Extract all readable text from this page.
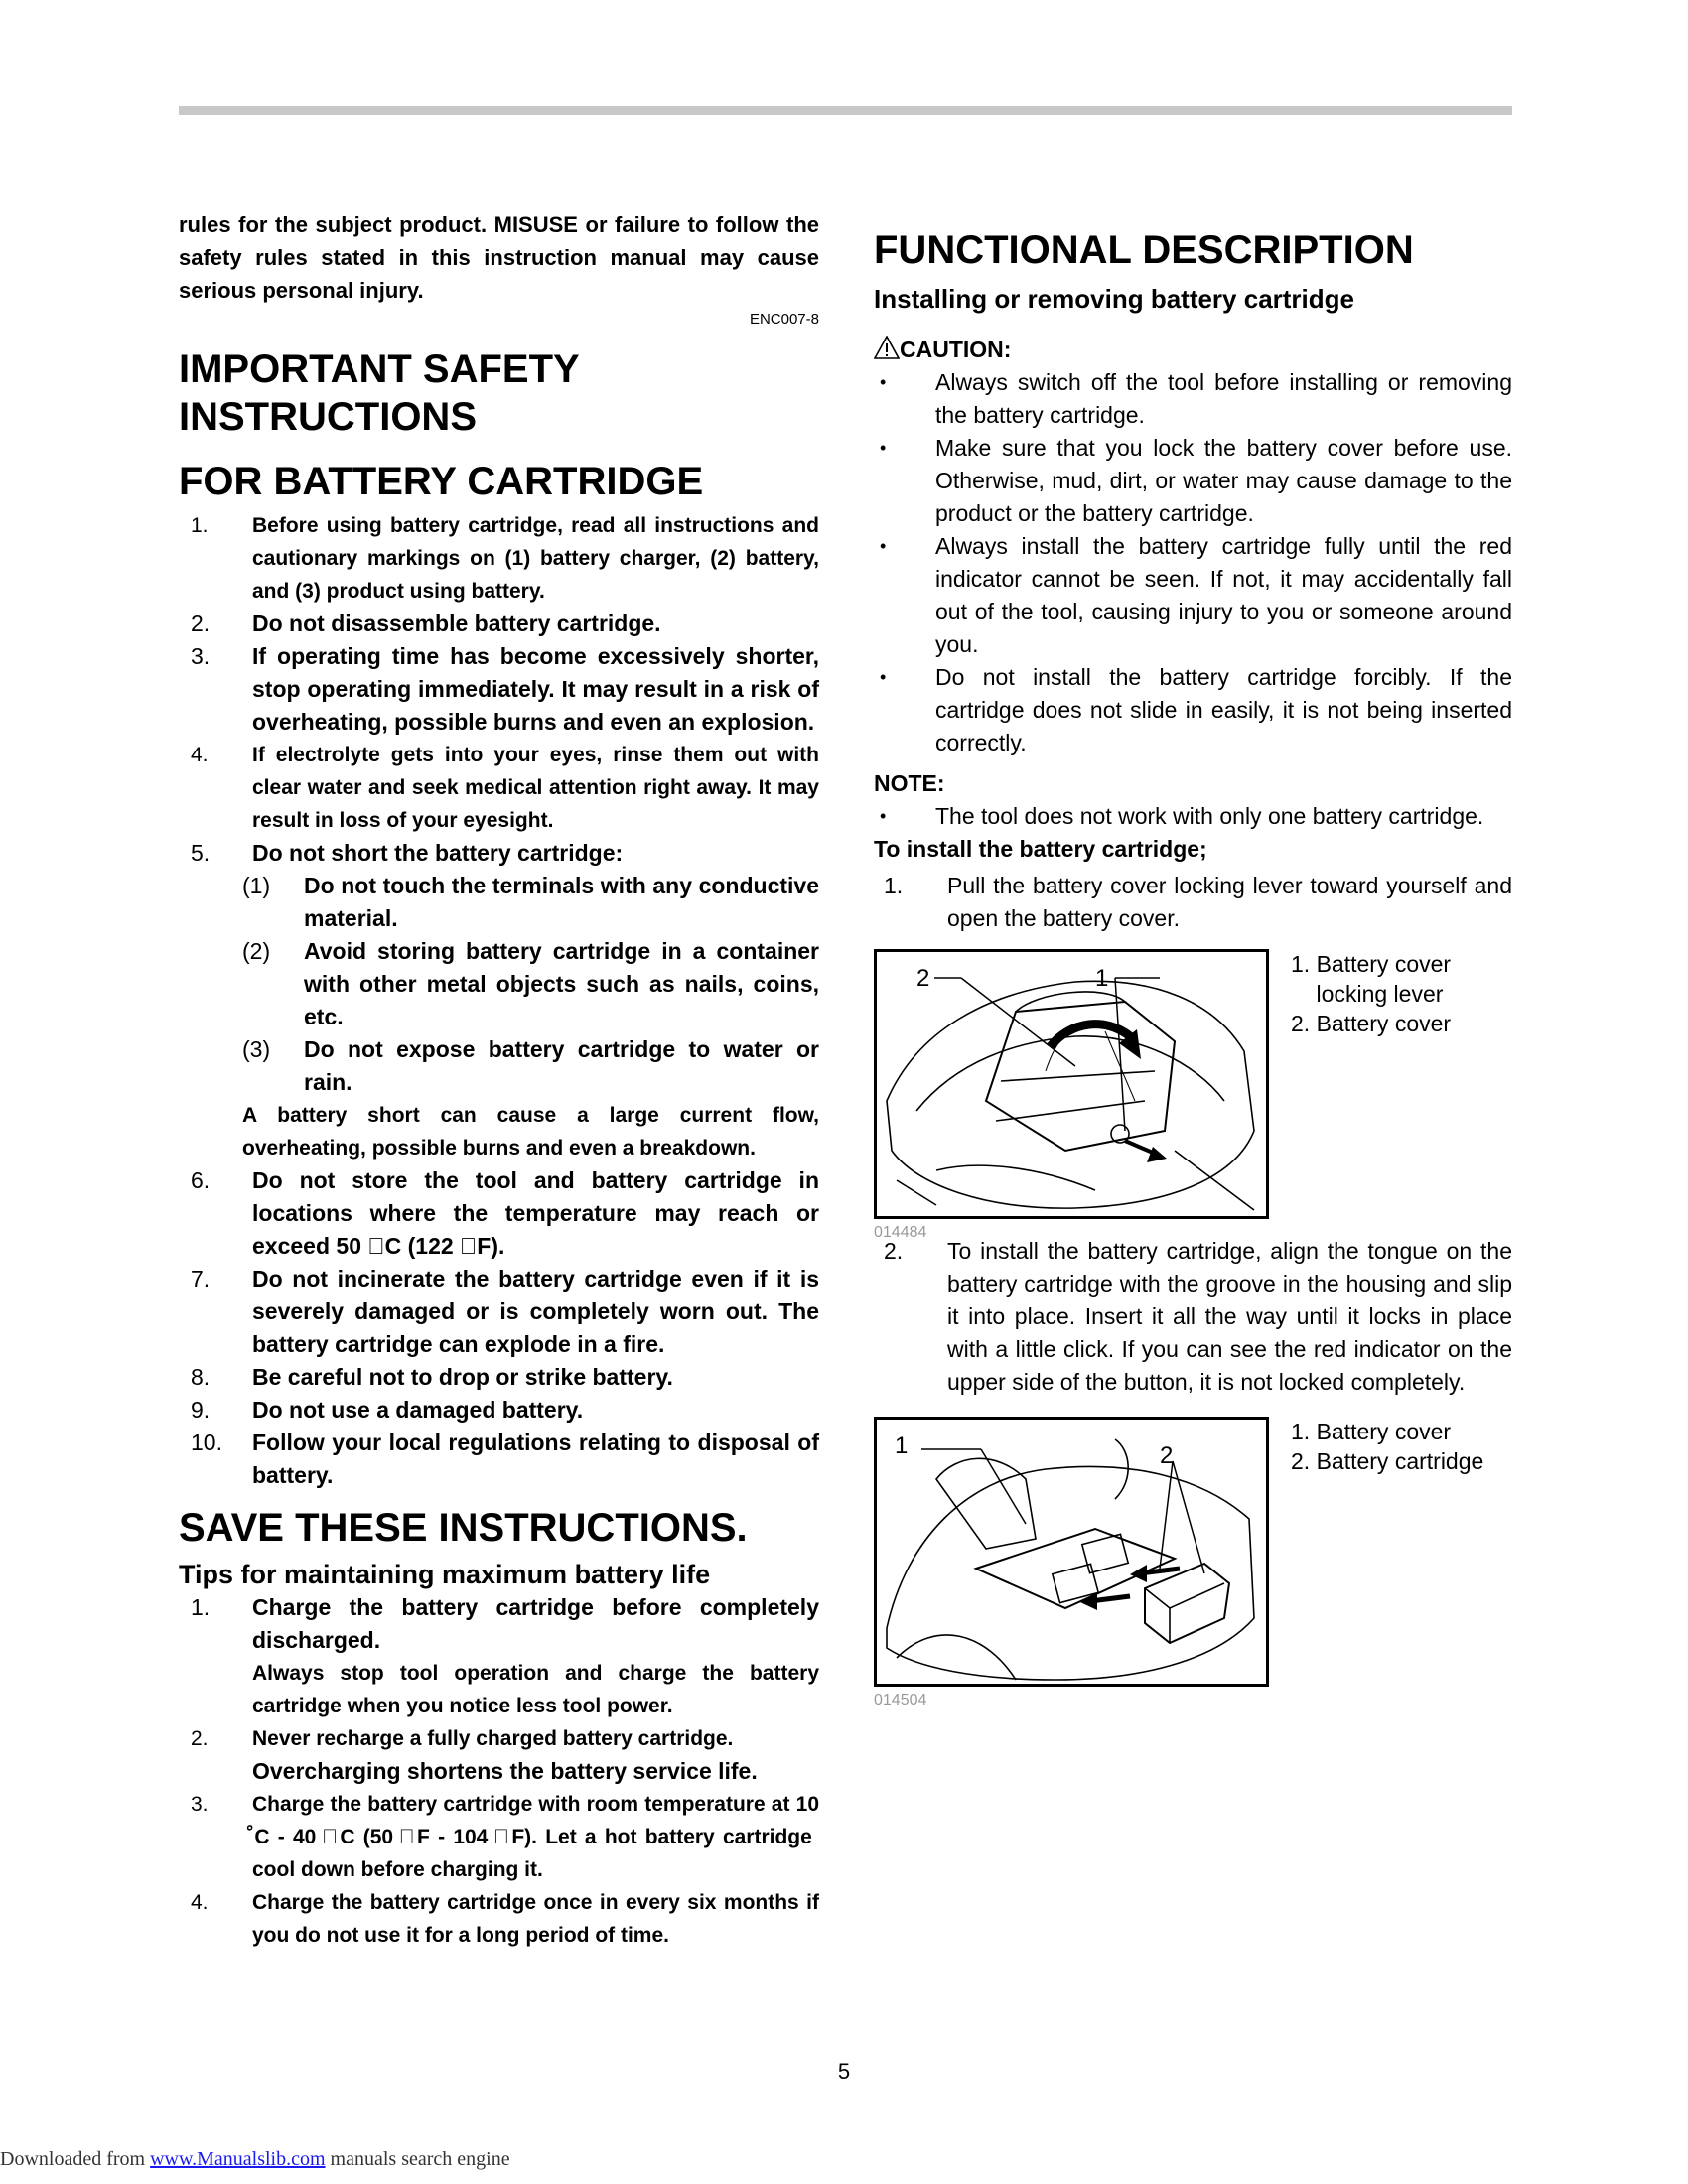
rules for the subject product. MISUSE or failure to follow the safety rules stated in this instruction manual may cause serious personal injury.

ENC007-8
IMPORTANT SAFETY
INSTRUCTIONS
FOR BATTERY CARTRIDGE
1. Before using battery cartridge, read all instructions and cautionary markings on (1) battery charger, (2) battery, and (3) product using battery.
2. Do not disassemble battery cartridge.
3. If operating time has become excessively shorter, stop operating immediately. It may result in a risk of overheating, possible burns and even an explosion.
4. If electrolyte gets into your eyes, rinse them out with clear water and seek medical attention right away. It may result in loss of your eyesight.
5. Do not short the battery cartridge:
(1) Do not touch the terminals with any conductive material.
(2) Avoid storing battery cartridge in a container with other metal objects such as nails, coins, etc.
(3) Do not expose battery cartridge to water or rain.
A battery short can cause a large current flow, overheating, possible burns and even a breakdown.
6. Do not store the tool and battery cartridge in locations where the temperature may reach or exceed 50 ゚C (122 ゚F).
7. Do not incinerate the battery cartridge even if it is severely damaged or is completely worn out. The battery cartridge can explode in a fire.
8. Be careful not to drop or strike battery.
9. Do not use a damaged battery.
10. Follow your local regulations relating to disposal of battery.
SAVE THESE INSTRUCTIONS.
Tips for maintaining maximum battery life
1. Charge the battery cartridge before completely discharged.
Always stop tool operation and charge the battery cartridge when you notice less tool power.
2. Never recharge a fully charged battery cartridge.
Overcharging shortens the battery service life.
3. Charge the battery cartridge with room temperature at 10 ゚C - 40 ゚C (50 ゚F - 104 ゚F). Let a hot battery cartridge cool down before charging it.
4. Charge the battery cartridge once in every six months if you do not use it for a long period of time.
FUNCTIONAL DESCRIPTION
Installing or removing battery cartridge
CAUTION:
• Always switch off the tool before installing or removing the battery cartridge.
• Make sure that you lock the battery cover before use. Otherwise, mud, dirt, or water may cause damage to the product or the battery cartridge.
• Always install the battery cartridge fully until the red indicator cannot be seen. If not, it may accidentally fall out of the tool, causing injury to you or someone around you.
• Do not install the battery cartridge forcibly. If the cartridge does not slide in easily, it is not being inserted correctly.
NOTE:
• The tool does not work with only one battery cartridge.
To install the battery cartridge;
1. Pull the battery cover locking lever toward yourself and open the battery cover.
2	1
1. Battery cover
locking lever
2. Battery cover
014484
2. To install the battery cartridge, align the tongue on the battery cartridge with the groove in the housing and slip it into place. Insert it all the way until it locks in place with a little click. If you can see the red indicator on the upper side of the button, it is not locked completely.
1	2
1. Battery cover
2. Battery cartridge
014504
5
Downloaded from www.Manualslib.com manuals search engine
